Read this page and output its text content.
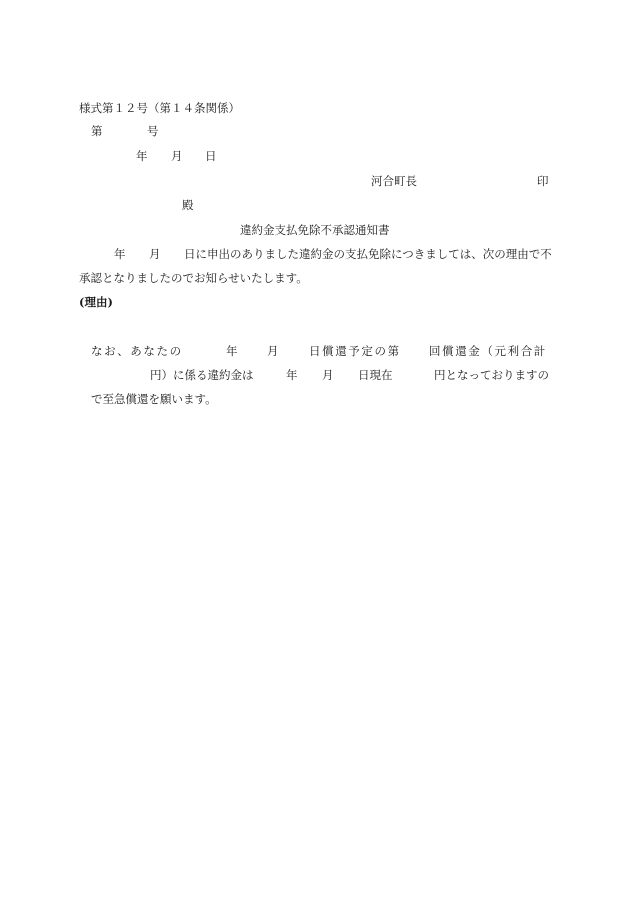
様式第１２号（第１４条関係）
第	号
年 月 日
河合町長	印
殿
違約金支払免除不承認通知書
年 月 日に申出のありました違約金の支払免除につきましては、次の理由で不
承認となりましたのでお知らせいたします。
(理由)
なお、あなたの	年	月	日償還予定の第 回償還金（元利合計
円）に係る違約金は	年 月 日現在	円となっておりますの
で至急償還を願います。
